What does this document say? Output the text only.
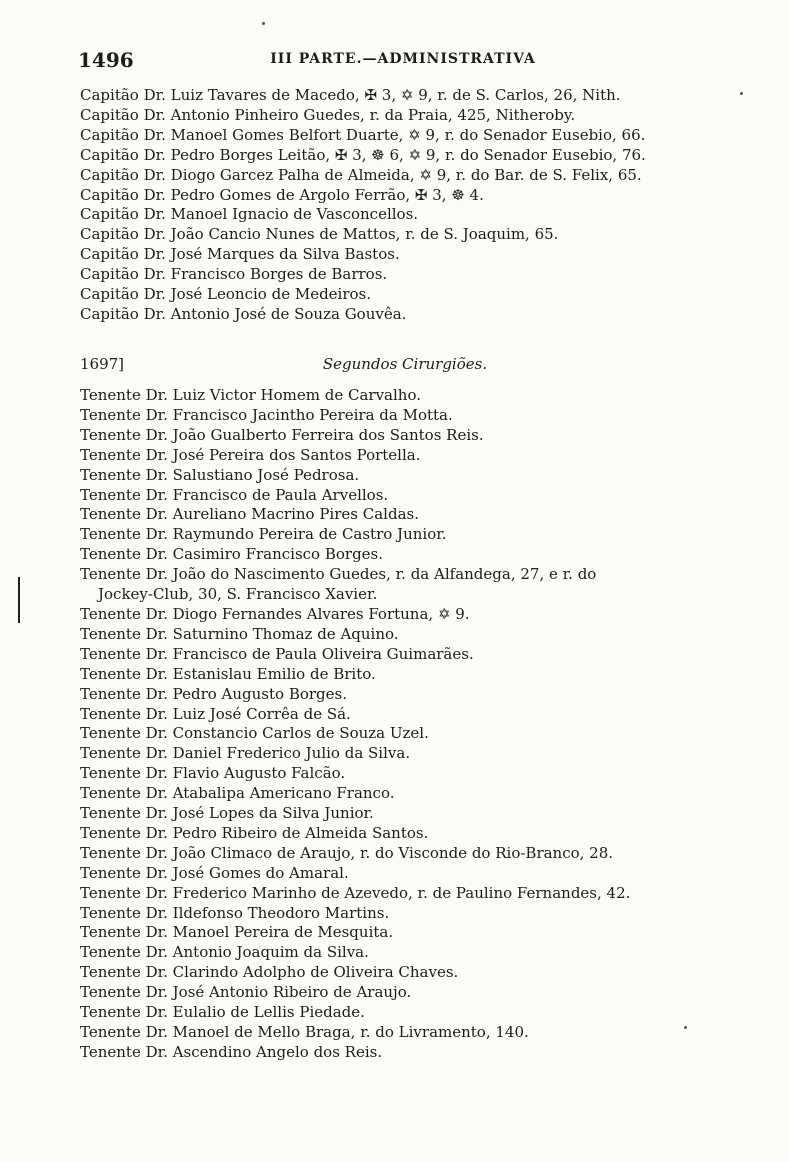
1496	III PARTE.—ADMINISTRATIVA
Capitão Dr. Luiz Tavares de Macedo, ✠ 3, ✡ 9, r. de S. Carlos, 26, Nith.
Capitão Dr. Antonio Pinheiro Guedes, r. da Praia, 425, Nitheroby.
Capitão Dr. Manoel Gomes Belfort Duarte, ✡ 9, r. do Senador Eusebio, 66.
Capitão Dr. Pedro Borges Leitão, ✠ 3, ☸ 6, ✡ 9, r. do Senador Eusebio, 76.
Capitão Dr. Diogo Garcez Palha de Almeida, ✡ 9, r. do Bar. de S. Felix, 65.
Capitão Dr. Pedro Gomes de Argolo Ferrão, ✠ 3, ☸ 4.
Capitão Dr. Manoel Ignacio de Vasconcellos.
Capitão Dr. João Cancio Nunes de Mattos, r. de S. Joaquim, 65.
Capitão Dr. José Marques da Silva Bastos.
Capitão Dr. Francisco Borges de Barros.
Capitão Dr. José Leoncio de Medeiros.
Capitão Dr. Antonio José de Souza Gouvêa.
1697]	Segundos Cirurgiões.
Tenente Dr. Luiz Victor Homem de Carvalho.
Tenente Dr. Francisco Jacintho Pereira da Motta.
Tenente Dr. João Gualberto Ferreira dos Santos Reis.
Tenente Dr. José Pereira dos Santos Portella.
Tenente Dr. Salustiano José Pedrosa.
Tenente Dr. Francisco de Paula Arvellos.
Tenente Dr. Aureliano Macrino Pires Caldas.
Tenente Dr. Raymundo Pereira de Castro Junior.
Tenente Dr. Casimiro Francisco Borges.
Tenente Dr. João do Nascimento Guedes, r. da Alfandega, 27, e r. do
Jockey-Club, 30, S. Francisco Xavier.
Tenente Dr. Diogo Fernandes Alvares Fortuna, ✡ 9.
Tenente Dr. Saturnino Thomaz de Aquino.
Tenente Dr. Francisco de Paula Oliveira Guimarães.
Tenente Dr. Estanislau Emilio de Brito.
Tenente Dr. Pedro Augusto Borges.
Tenente Dr. Luiz José Corrêa de Sá.
Tenente Dr. Constancio Carlos de Souza Uzel.
Tenente Dr. Daniel Frederico Julio da Silva.
Tenente Dr. Flavio Augusto Falcão.
Tenente Dr. Atabalipa Americano Franco.
Tenente Dr. José Lopes da Silva Junior.
Tenente Dr. Pedro Ribeiro de Almeida Santos.
Tenente Dr. João Climaco de Araujo, r. do Visconde do Rio-Branco, 28.
Tenente Dr. José Gomes do Amaral.
Tenente Dr. Frederico Marinho de Azevedo, r. de Paulino Fernandes, 42.
Tenente Dr. Ildefonso Theodoro Martins.
Tenente Dr. Manoel Pereira de Mesquita.
Tenente Dr. Antonio Joaquim da Silva.
Tenente Dr. Clarindo Adolpho de Oliveira Chaves.
Tenente Dr. José Antonio Ribeiro de Araujo.
Tenente Dr. Eulalio de Lellis Piedade.
Tenente Dr. Manoel de Mello Braga, r. do Livramento, 140.
Tenente Dr. Ascendino Angelo dos Reis.
